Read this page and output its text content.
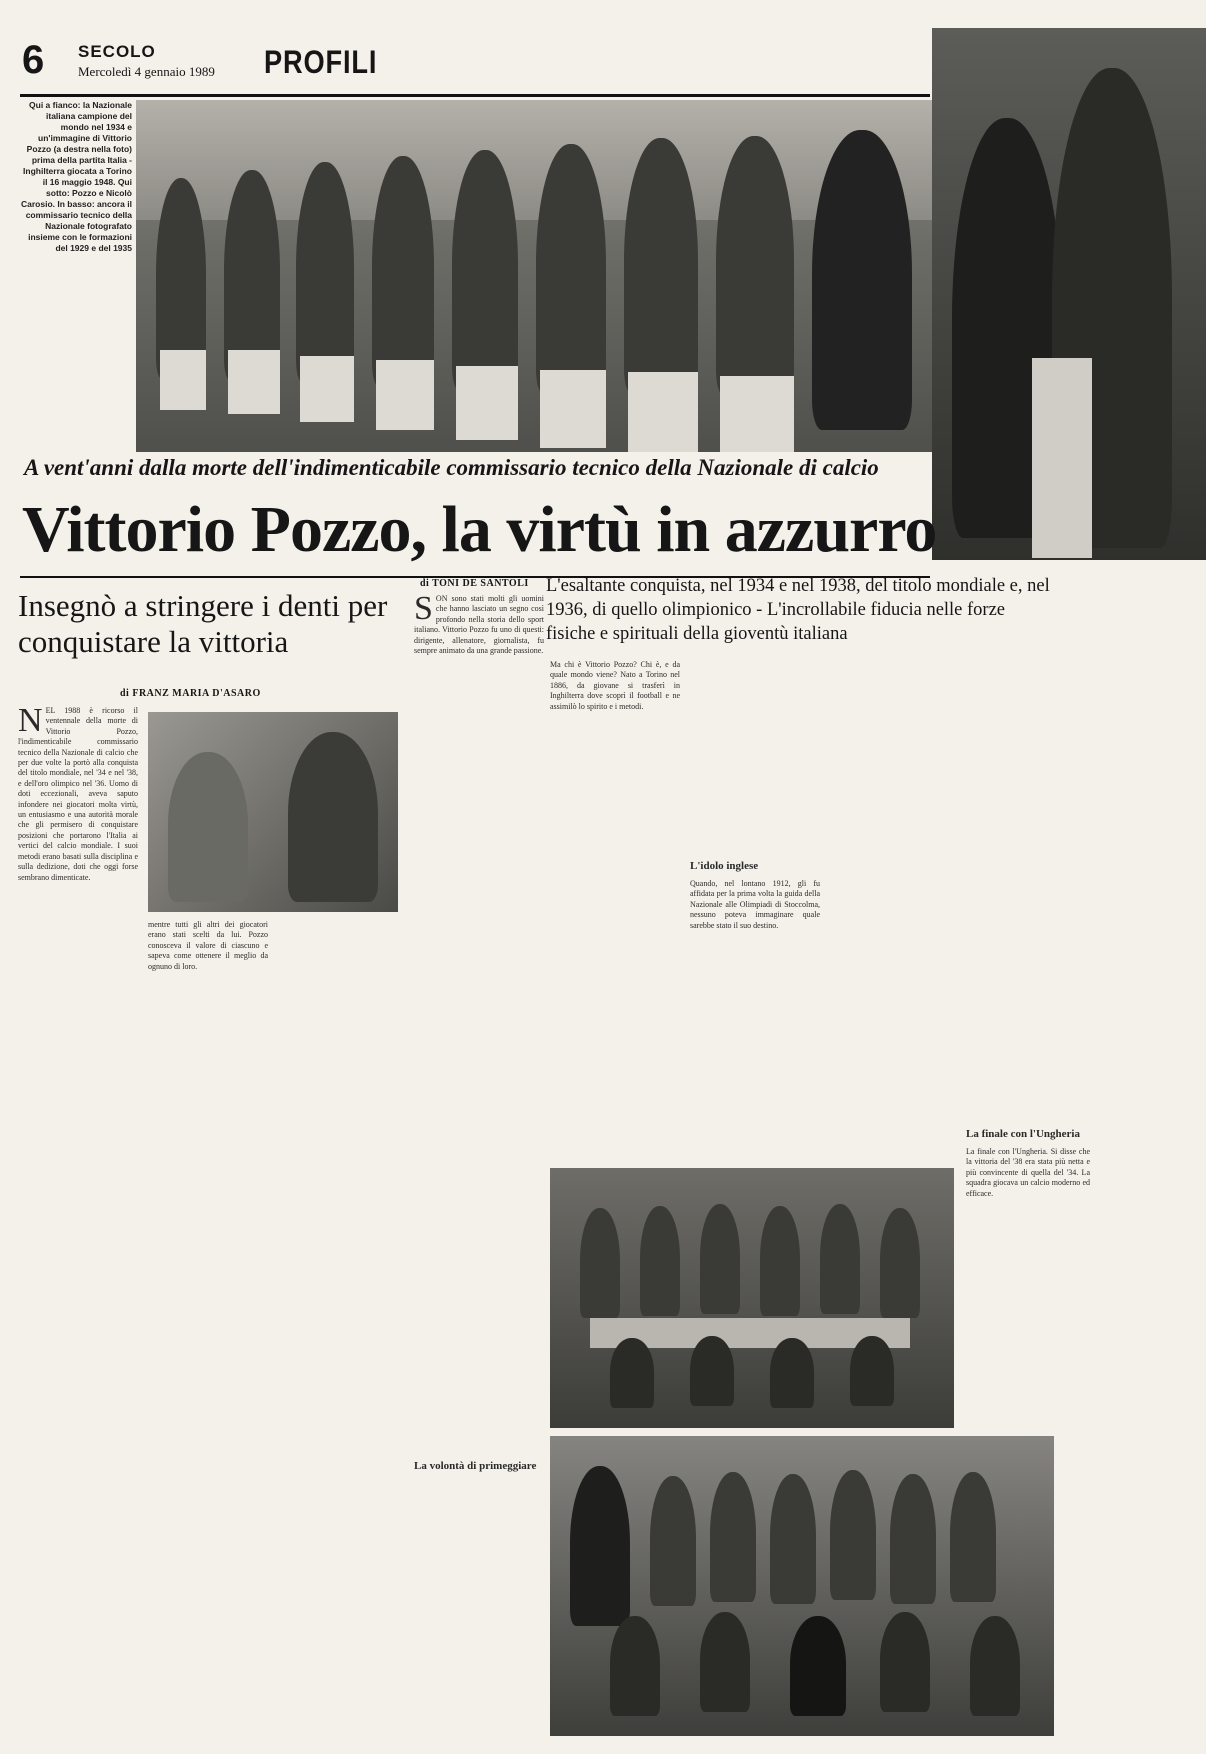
6 SECOLO
Mercoledì 4 gennaio 1989 PROFILI
Qui a fianco: la Nazionale italiana campione del mondo nel 1934 e un'immagine di Vittorio Pozzo (a destra nella foto) prima della partita Italia - Inghilterra giocata a Torino il 16 maggio 1948. Qui sotto: Pozzo e Nicolò Carosio. In basso: ancora il commissario tecnico della Nazionale fotografato insieme con le formazioni del 1929 e del 1935
A vent'anni dalla morte dell'indimenticabile commissario tecnico della Nazionale di calcio
Vittorio Pozzo, la virtù in azzurro
Insegnò a stringere i denti per conquistare la vittoria
di FRANZ MARIA D'ASARO
di TONI DE SANTOLI L'esaltante conquista, nel 1934 e nel 1938, del titolo mondiale e, nel 1936, di quello olimpionico - L'incrollabile fiducia nelle forze fisiche e spirituali della gioventù italiana
N EL 1988 è ricorso il ventennale della morte di Vittorio Pozzo, l'indimenticabile commissario tecnico della Nazionale di calcio che per due volte la portò alla conquista del titolo mondiale, nel '34 e nel '38, e dell'oro olimpico nel '36. Uomo di doti eccezionali, aveva saputo infondere nei giocatori molta virtù, un entusiasmo e una autorità morale che gli permisero di conquistare posizioni che portarono l'Italia ai vertici del calcio mondiale. I suoi metodi erano basati sulla disciplina e sulla dedizione, doti che oggi forse sembrano dimenticate.
mentre tutti gli altri dei giocatori erano stati scelti da lui. Pozzo conosceva il valore di ciascuno e sapeva come ottenere il meglio da ognuno di loro.
S ON sono stati molti gli uomini che hanno lasciato un segno così profondo nella storia dello sport italiano. Vittorio Pozzo fu uno di questi: dirigente, allenatore, giornalista, fu sempre animato da una grande passione.
Ma chi è Vittorio Pozzo? Chi è, e da quale mondo viene? Nato a Torino nel 1886, da giovane si trasferì in Inghilterra dove scoprì il football e ne assimilò lo spirito e i metodi.
L'idolo inglese
Quando, nel lontano 1912, gli fu affidata per la prima volta la guida della Nazionale alle Olimpiadi di Stoccolma, nessuno poteva immaginare quale sarebbe stato il suo destino.
La finale con l'Ungheria
La finale con l'Ungheria. Si disse che la vittoria del '38 era stata più netta e più convincente di quella del '34. La squadra giocava un calcio moderno ed efficace.
La volontà di primeggiare
